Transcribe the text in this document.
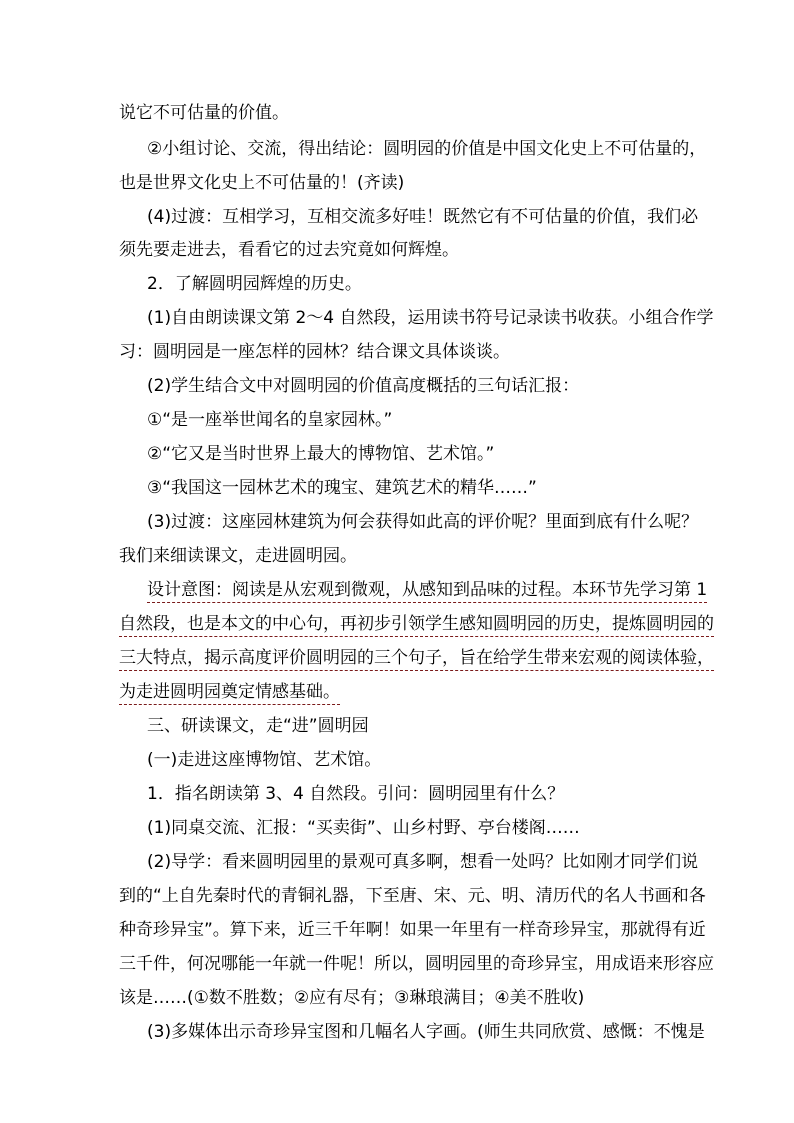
说它不可估量的价值。
②小组讨论、交流，得出结论：圆明园的价值是中国文化史上不可估量的，
也是世界文化史上不可估量的！(齐读)
(4)过渡：互相学习，互相交流多好哇！既然它有不可估量的价值，我们必
须先要走进去，看看它的过去究竟如何辉煌。
2．了解圆明园辉煌的历史。
(1)自由朗读课文第 2～4 自然段，运用读书符号记录读书收获。小组合作学
习：圆明园是一座怎样的园林？结合课文具体谈谈。
(2)学生结合文中对圆明园的价值高度概括的三句话汇报：
①“是一座举世闻名的皇家园林。”
②“它又是当时世界上最大的博物馆、艺术馆。”
③“我国这一园林艺术的瑰宝、建筑艺术的精华……”
(3)过渡：这座园林建筑为何会获得如此高的评价呢？里面到底有什么呢？
我们来细读课文，走进圆明园。
设计意图：阅读是从宏观到微观，从感知到品味的过程。本环节先学习第 1
自然段，也是本文的中心句，再初步引领学生感知圆明园的历史，提炼圆明园的
三大特点，揭示高度评价圆明园的三个句子，旨在给学生带来宏观的阅读体验，
为走进圆明园奠定情感基础。
三、研读课文，走“进”圆明园
(一)走进这座博物馆、艺术馆。
1．指名朗读第 3、4 自然段。引问：圆明园里有什么？
(1)同桌交流、汇报：“买卖街”、山乡村野、亭台楼阁……
(2)导学：看来圆明园里的景观可真多啊，想看一处吗？比如刚才同学们说
到的“上自先秦时代的青铜礼器，下至唐、宋、元、明、清历代的名人书画和各
种奇珍异宝”。算下来，近三千年啊！如果一年里有一样奇珍异宝，那就得有近
三千件，何况哪能一年就一件呢！所以，圆明园里的奇珍异宝，用成语来形容应
该是……(①数不胜数；②应有尽有；③琳琅满目；④美不胜收)
(3)多媒体出示奇珍异宝图和几幅名人字画。(师生共同欣赏、感慨：不愧是
